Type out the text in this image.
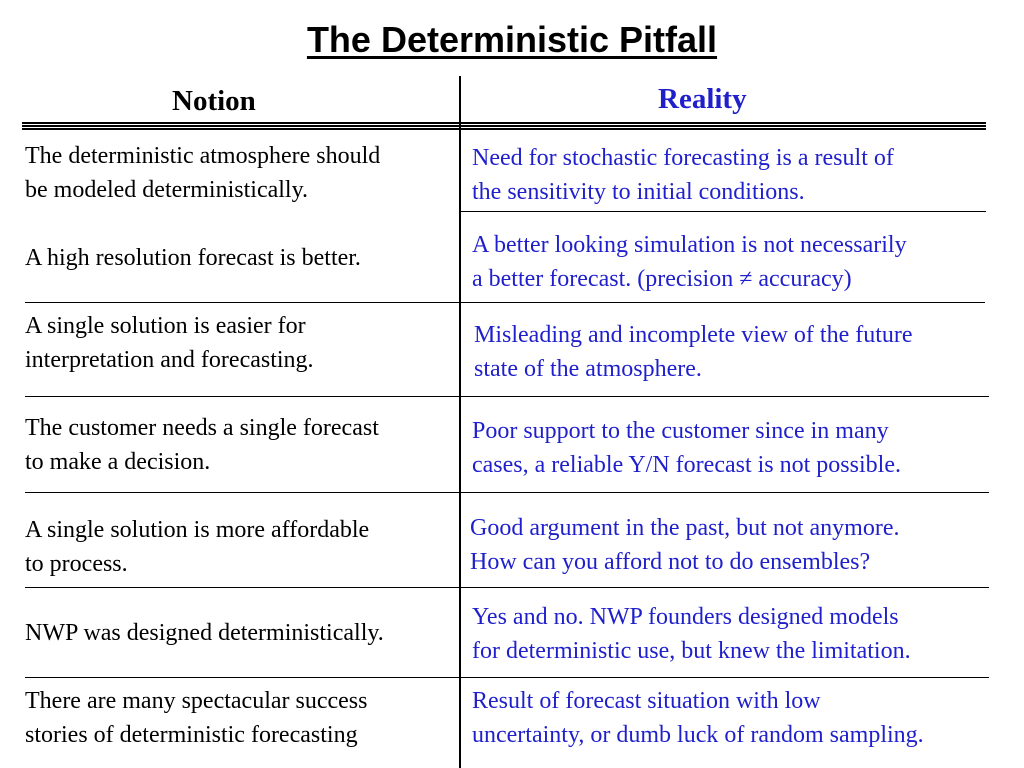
The Deterministic Pitfall
Notion	Reality
The deterministic atmosphere should
be modeled deterministically.
Need for stochastic forecasting is a result of
the sensitivity to initial conditions.
A high resolution forecast is better.	A better looking simulation is not necessarily
a better forecast. (precision ≠ accuracy)
A single solution is easier for
interpretation and forecasting.
Misleading and incomplete view of the future
state of the atmosphere.
The customer needs a single forecast
to make a decision.
Poor support to the customer since in many
cases, a reliable Y/N forecast is not possible.
A single solution is more affordable
to process.
Good argument in the past, but not anymore.
How can you afford not to do ensembles?
NWP was designed deterministically.
Yes and no. NWP founders designed models
for deterministic use, but knew the limitation.
There are many spectacular success
stories of deterministic forecasting
Result of forecast situation with low
uncertainty, or dumb luck of random sampling.
